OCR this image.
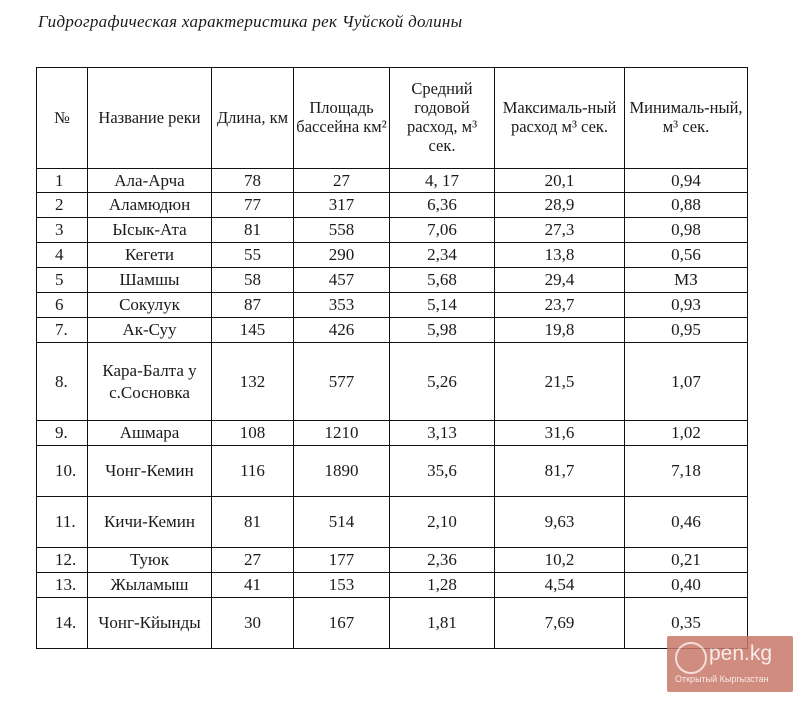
Гидрографическая характеристика рек Чуйской долины
№	Название реки	Длина, км	Площадь бассейна км²	Средний годовой расход, м³ сек.	Максималь-ный расход м³ сек.	Минималь-ный, м³ сек.
1	Ала-Арча	78	27	4, 17	20,1	0,94
2	Аламюдюн	77	317	6,36	28,9	0,88
3	Ысык-Ата	81	558	7,06	27,3	0,98
4	Кегети	55	290	2,34	13,8	0,56
5	Шамшы	58	457	5,68	29,4	МЗ
6	Сокулук	87	353	5,14	23,7	0,93
7.	Ак-Суу	145	426	5,98	19,8	0,95
8.	Кара-Балта у с.Сосновка	132	577	5,26	21,5	1,07
9.	Ашмара	108	1210	3,13	31,6	1,02
10.	Чонг-Кемин	116	1890	35,6	81,7	7,18
11.	Кичи-Кемин	81	514	2,10	9,63	0,46
12.	Туюк	27	177	2,36	10,2	0,21
13.	Жыламыш	41	153	1,28	4,54	0,40
14.	Чонг-Кйынды	30	167	1,81	7,69	0,35
pen.kg
Открытый Кыргызстан
